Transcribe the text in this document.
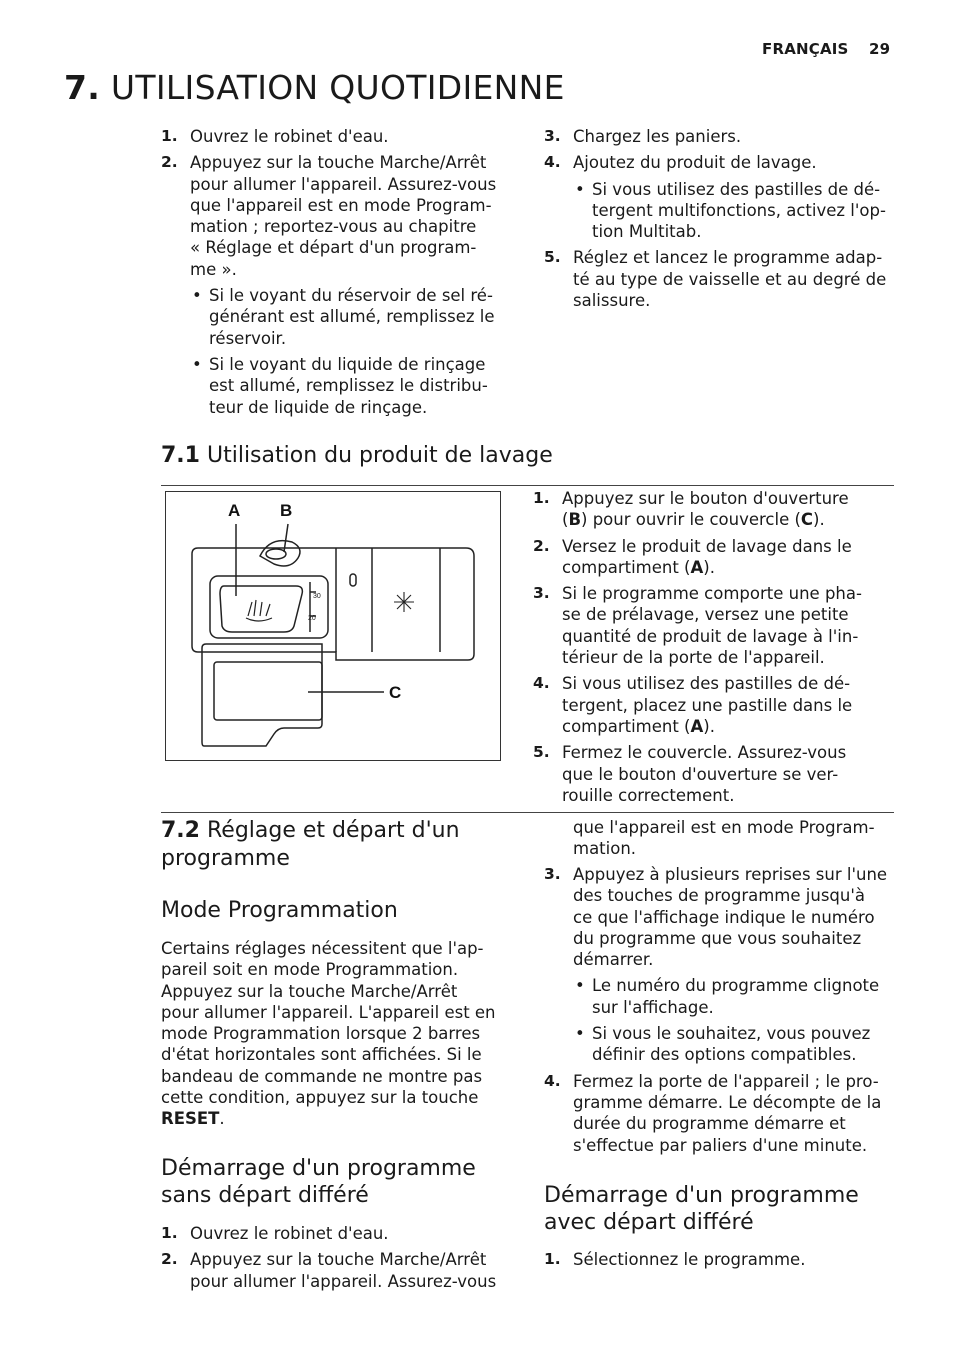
FRANÇAIS 29
7. UTILISATION QUOTIDIENNE
1. Ouvrez le robinet d'eau.
2. Appuyez sur la touche Marche/Arrêt
pour allumer l'appareil. Assurez-vous
que l'appareil est en mode Program-
mation ; reportez-vous au chapitre
« Réglage et départ d'un program-
me ».
• Si le voyant du réservoir de sel ré-
générant est allumé, remplissez le
réservoir.
• Si le voyant du liquide de rinçage
est allumé, remplissez le distribu-
teur de liquide de rinçage.
3. Chargez les paniers.
4. Ajoutez du produit de lavage.
• Si vous utilisez des pastilles de dé-
tergent multifonctions, activez l'op-
tion Multitab.
5. Réglez et lancez le programme adap-
té au type de vaisselle et au degré de
salissure.
7.1 Utilisation du produit de lavage
A B
C
30
20
1. Appuyez sur le bouton d'ouverture
(B) pour ouvrir le couvercle (C).
2. Versez le produit de lavage dans le
compartiment (A).
3. Si le programme comporte une pha-
se de prélavage, versez une petite
quantité de produit de lavage à l'in-
térieur de la porte de l'appareil.
4. Si vous utilisez des pastilles de dé-
tergent, placez une pastille dans le
compartiment (A).
5. Fermez le couvercle. Assurez-vous
que le bouton d'ouverture se ver-
rouille correctement.
7.2 Réglage et départ d'un
programme
Mode Programmation
Certains réglages nécessitent que l'ap-
pareil soit en mode Programmation.
Appuyez sur la touche Marche/Arrêt
pour allumer l'appareil. L'appareil est en
mode Programmation lorsque 2 barres
d'état horizontales sont affichées. Si le
bandeau de commande ne montre pas
cette condition, appuyez sur la touche
RESET.
Démarrage d'un programme
sans départ différé
1. Ouvrez le robinet d'eau.
2. Appuyez sur la touche Marche/Arrêt
pour allumer l'appareil. Assurez-vous
que l'appareil est en mode Program-
mation.
3. Appuyez à plusieurs reprises sur l'une
des touches de programme jusqu'à
ce que l'affichage indique le numéro
du programme que vous souhaitez
démarrer.
• Le numéro du programme clignote
sur l'affichage.
• Si vous le souhaitez, vous pouvez
définir des options compatibles.
4. Fermez la porte de l'appareil ; le pro-
gramme démarre. Le décompte de la
durée du programme démarre et
s'effectue par paliers d'une minute.
Démarrage d'un programme
avec départ différé
1. Sélectionnez le programme.
